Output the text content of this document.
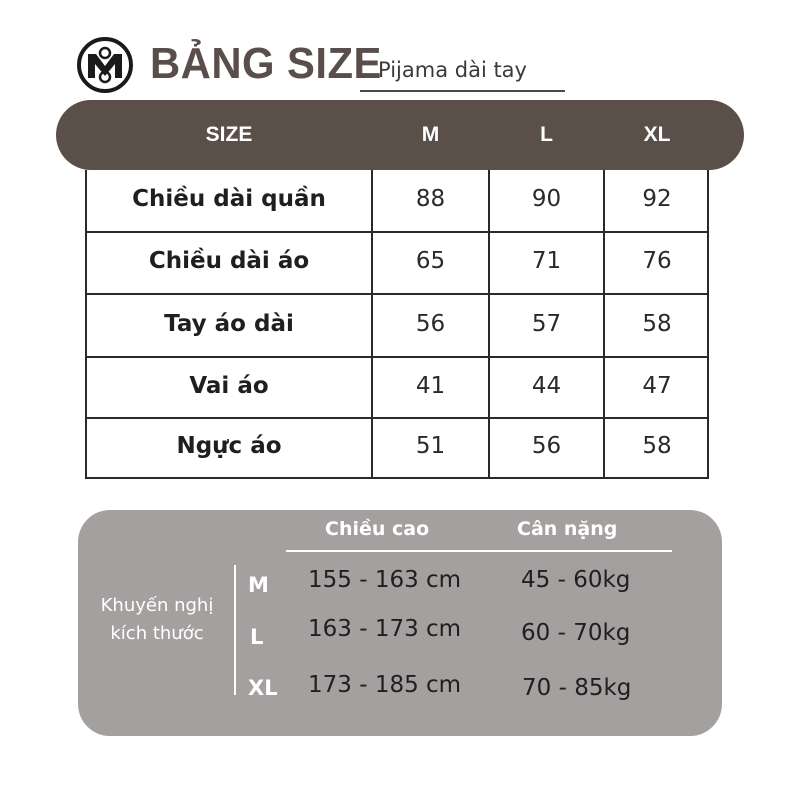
BẢNG SIZE
Pijama dài tay
SIZE	M	L	XL
Chiều dài quần	88	90	92
Chiều dài áo	65	71	76
Tay áo dài	56	57	58
Vai áo	41	44	47
Ngực áo	51	56	58
Chiều cao	Cân nặng
Khuyến nghị
kích thước
M 155 - 163 cm	45 - 60kg
L 163 - 173 cm	60 - 70kg
XL 173 - 185 cm	70 - 85kg
